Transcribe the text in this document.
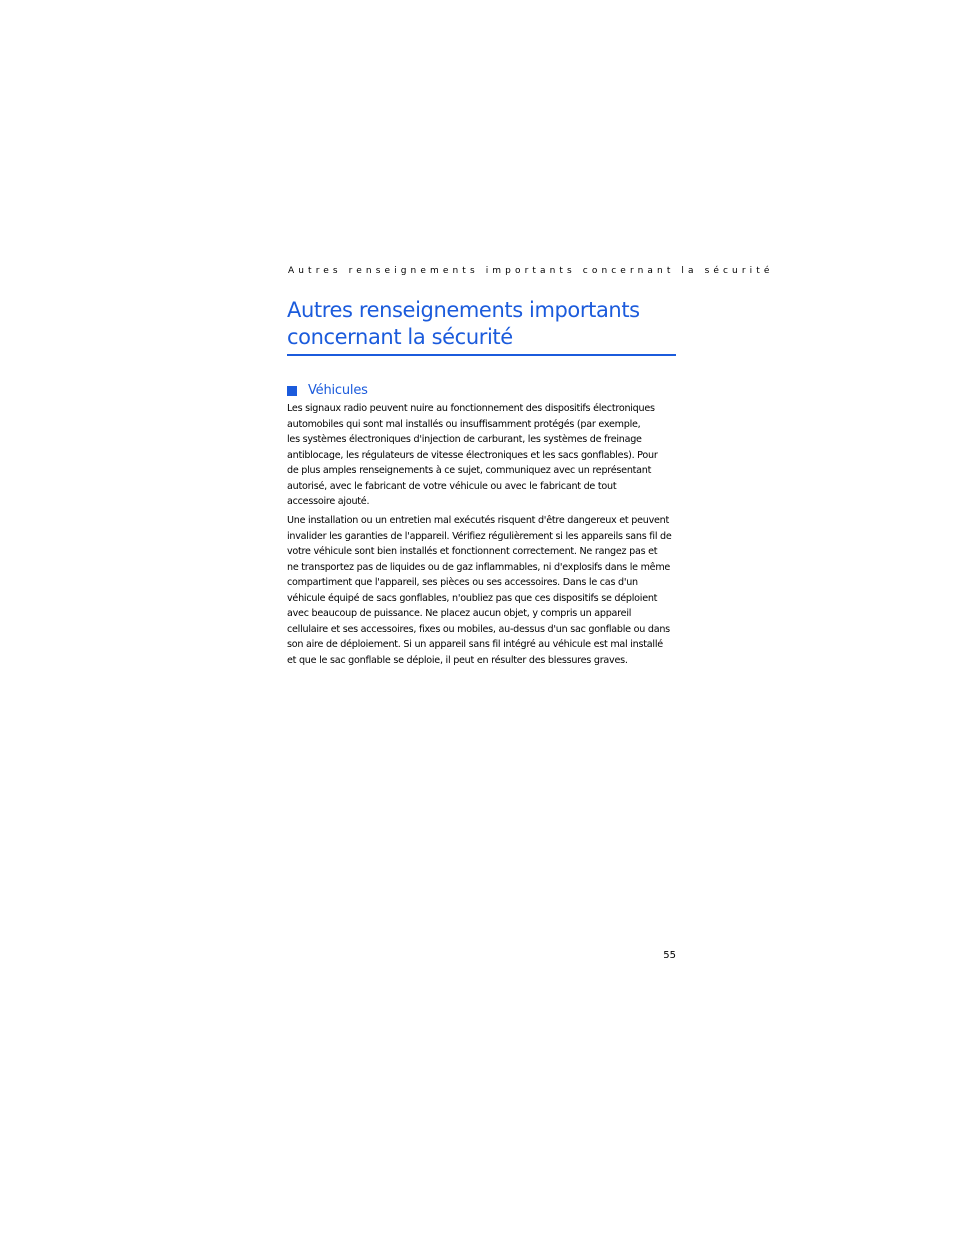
Autres renseignements importants concernant la sécurité
Autres renseignements importants
concernant la sécurité
Véhicules

Les signaux radio peuvent nuire au fonctionnement des dispositifs électroniques
automobiles qui sont mal installés ou insuffisamment protégés (par exemple,
les systèmes électroniques d'injection de carburant, les systèmes de freinage
antiblocage, les régulateurs de vitesse électroniques et les sacs gonflables). Pour
de plus amples renseignements à ce sujet, communiquez avec un représentant
autorisé, avec le fabricant de votre véhicule ou avec le fabricant de tout
accessoire ajouté.

Une installation ou un entretien mal exécutés risquent d'être dangereux et peuvent
invalider les garanties de l'appareil. Vérifiez régulièrement si les appareils sans fil de
votre véhicule sont bien installés et fonctionnent correctement. Ne rangez pas et
ne transportez pas de liquides ou de gaz inflammables, ni d'explosifs dans le même
compartiment que l'appareil, ses pièces ou ses accessoires. Dans le cas d'un
véhicule équipé de sacs gonflables, n'oubliez pas que ces dispositifs se déploient
avec beaucoup de puissance. Ne placez aucun objet, y compris un appareil
cellulaire et ses accessoires, fixes ou mobiles, au-dessus d'un sac gonflable ou dans
son aire de déploiement. Si un appareil sans fil intégré au véhicule est mal installé
et que le sac gonflable se déploie, il peut en résulter des blessures graves.

55
